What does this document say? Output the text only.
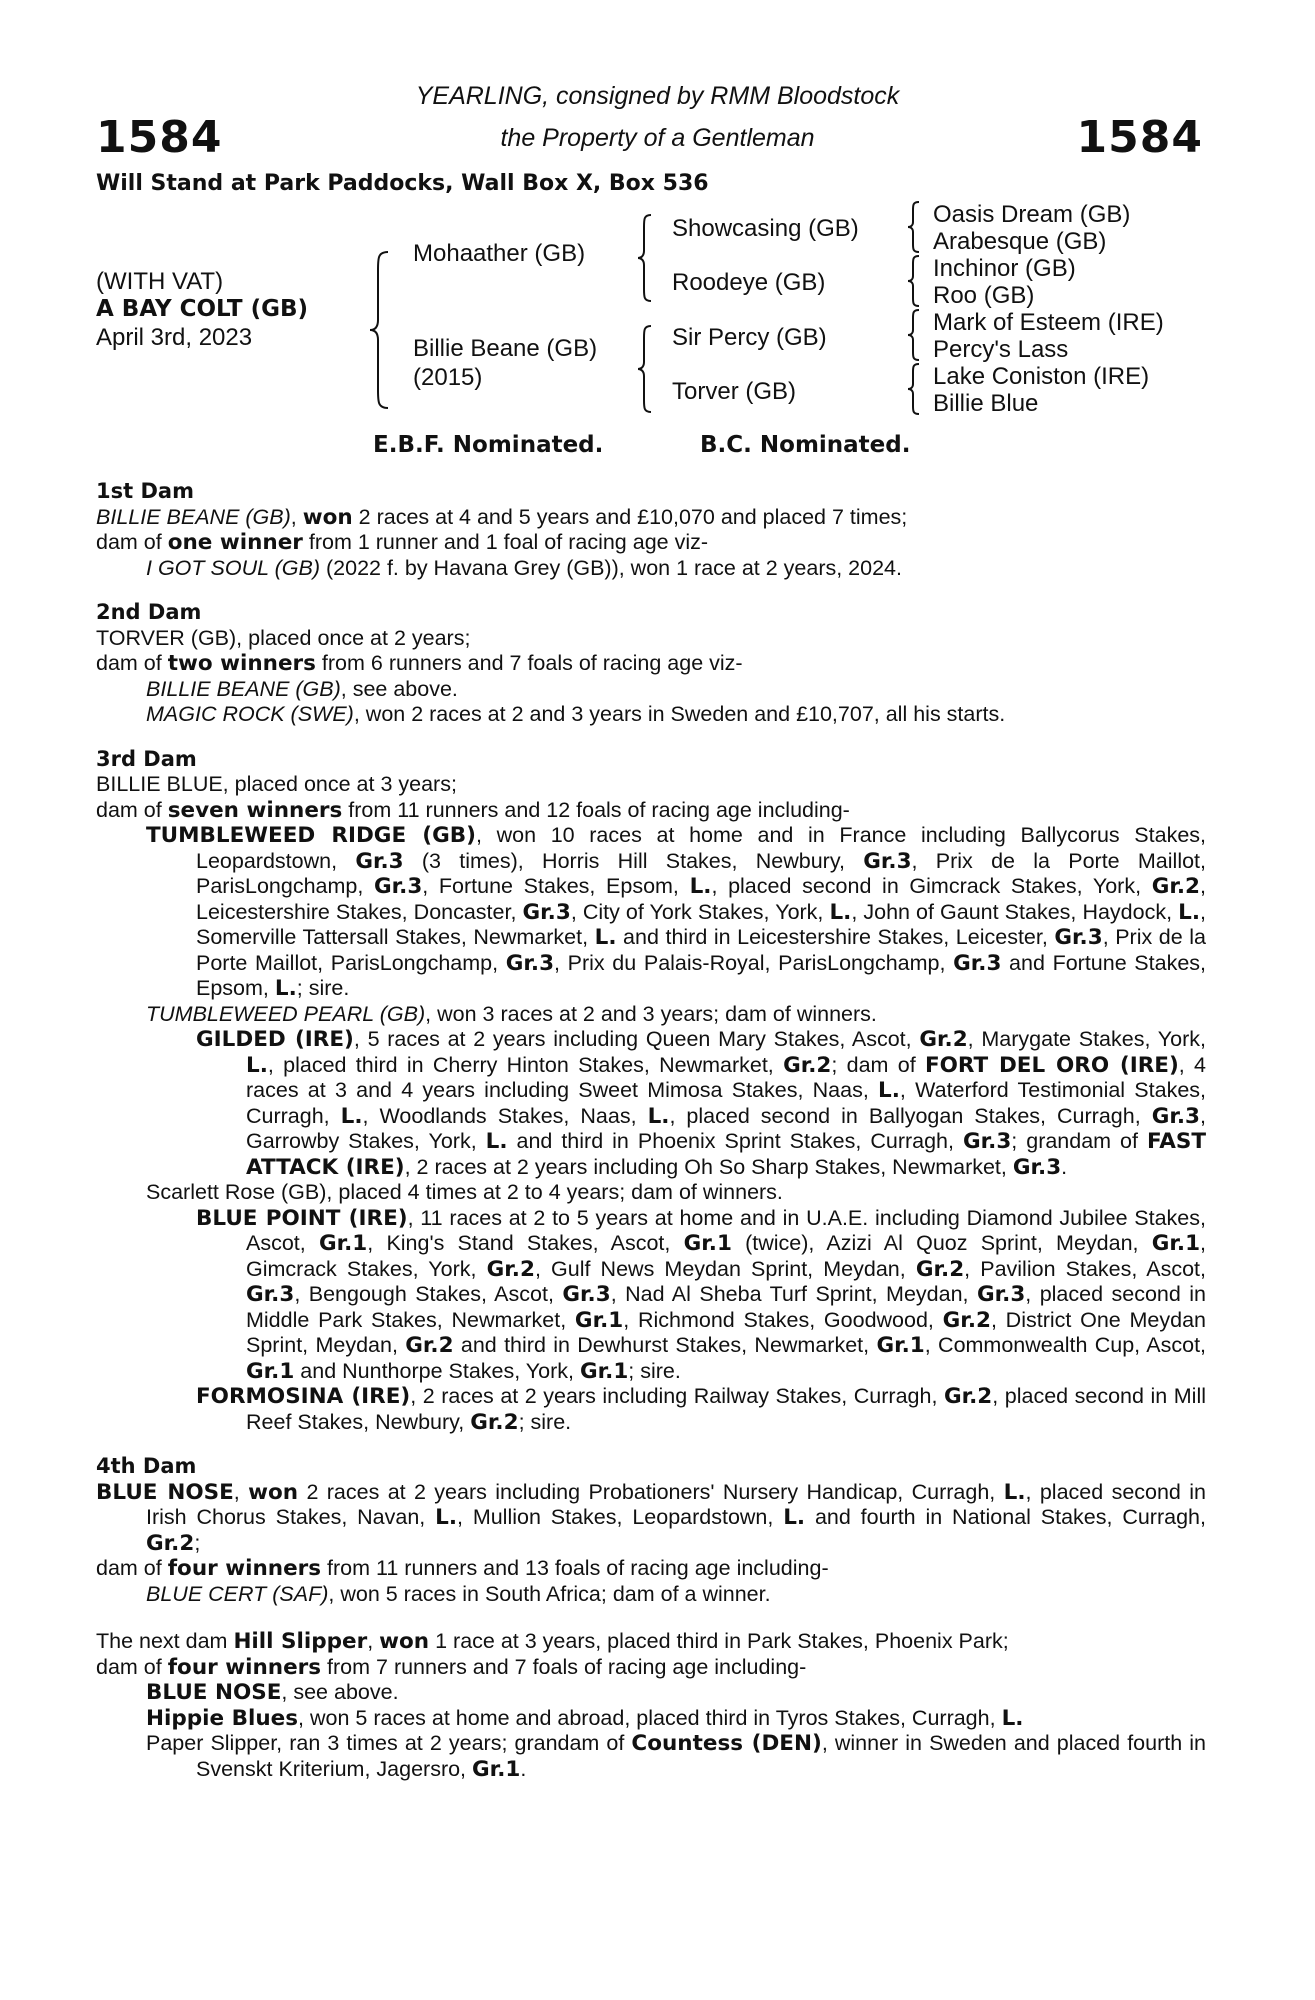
1584	1584
YEARLING, consigned by RMM Bloodstock
the Property of a Gentleman
Will Stand at Park Paddocks, Wall Box X, Box 536
(WITH VAT)
A BAY COLT (GB)
April 3rd, 2023
Mohaather (GB)
Billie Beane (GB)
(2015)
Showcasing (GB)
Roodeye (GB)
Sir Percy (GB)
Torver (GB)
Oasis Dream (GB)
Arabesque (GB)
Inchinor (GB)
Roo (GB)
Mark of Esteem (IRE)
Percy's Lass
Lake Coniston (IRE)
Billie Blue
E.B.F. Nominated.	B.C. Nominated.
1st Dam
BILLIE BEANE (GB), won 2 races at 4 and 5 years and £10,070 and placed 7 times;
dam of one winner from 1 runner and 1 foal of racing age viz-
I GOT SOUL (GB) (2022 f. by Havana Grey (GB)), won 1 race at 2 years, 2024.
2nd Dam
TORVER (GB), placed once at 2 years;
dam of two winners from 6 runners and 7 foals of racing age viz-
BILLIE BEANE (GB), see above.
MAGIC ROCK (SWE), won 2 races at 2 and 3 years in Sweden and £10,707, all his starts.
3rd Dam
BILLIE BLUE, placed once at 3 years;
dam of seven winners from 11 runners and 12 foals of racing age including-
TUMBLEWEED RIDGE (GB), won 10 races at home and in France including Ballycorus Stakes, Leopardstown, Gr.3 (3 times), Horris Hill Stakes, Newbury, Gr.3, Prix de la Porte Maillot, ParisLongchamp, Gr.3, Fortune Stakes, Epsom, L., placed second in Gimcrack Stakes, York, Gr.2, Leicestershire Stakes, Doncaster, Gr.3, City of York Stakes, York, L., John of Gaunt Stakes, Haydock, L., Somerville Tattersall Stakes, Newmarket, L. and third in Leicestershire Stakes, Leicester, Gr.3, Prix de la Porte Maillot, ParisLongchamp, Gr.3, Prix du Palais-Royal, ParisLongchamp, Gr.3 and Fortune Stakes, Epsom, L.; sire.
TUMBLEWEED PEARL (GB), won 3 races at 2 and 3 years; dam of winners.
GILDED (IRE), 5 races at 2 years including Queen Mary Stakes, Ascot, Gr.2, Marygate Stakes, York, L., placed third in Cherry Hinton Stakes, Newmarket, Gr.2; dam of FORT DEL ORO (IRE), 4 races at 3 and 4 years including Sweet Mimosa Stakes, Naas, L., Waterford Testimonial Stakes, Curragh, L., Woodlands Stakes, Naas, L., placed second in Ballyogan Stakes, Curragh, Gr.3, Garrowby Stakes, York, L. and third in Phoenix Sprint Stakes, Curragh, Gr.3; grandam of FAST ATTACK (IRE), 2 races at 2 years including Oh So Sharp Stakes, Newmarket, Gr.3.
Scarlett Rose (GB), placed 4 times at 2 to 4 years; dam of winners.
BLUE POINT (IRE), 11 races at 2 to 5 years at home and in U.A.E. including Diamond Jubilee Stakes, Ascot, Gr.1, King's Stand Stakes, Ascot, Gr.1 (twice), Azizi Al Quoz Sprint, Meydan, Gr.1, Gimcrack Stakes, York, Gr.2, Gulf News Meydan Sprint, Meydan, Gr.2, Pavilion Stakes, Ascot, Gr.3, Bengough Stakes, Ascot, Gr.3, Nad Al Sheba Turf Sprint, Meydan, Gr.3, placed second in Middle Park Stakes, Newmarket, Gr.1, Richmond Stakes, Goodwood, Gr.2, District One Meydan Sprint, Meydan, Gr.2 and third in Dewhurst Stakes, Newmarket, Gr.1, Commonwealth Cup, Ascot, Gr.1 and Nunthorpe Stakes, York, Gr.1; sire.
FORMOSINA (IRE), 2 races at 2 years including Railway Stakes, Curragh, Gr.2, placed second in Mill Reef Stakes, Newbury, Gr.2; sire.
4th Dam
BLUE NOSE, won 2 races at 2 years including Probationers' Nursery Handicap, Curragh, L., placed second in Irish Chorus Stakes, Navan, L., Mullion Stakes, Leopardstown, L. and fourth in National Stakes, Curragh, Gr.2;
dam of four winners from 11 runners and 13 foals of racing age including-
BLUE CERT (SAF), won 5 races in South Africa; dam of a winner.
The next dam Hill Slipper, won 1 race at 3 years, placed third in Park Stakes, Phoenix Park;
dam of four winners from 7 runners and 7 foals of racing age including-
BLUE NOSE, see above.
Hippie Blues, won 5 races at home and abroad, placed third in Tyros Stakes, Curragh, L.
Paper Slipper, ran 3 times at 2 years; grandam of Countess (DEN), winner in Sweden and placed fourth in Svenskt Kriterium, Jagersro, Gr.1.
